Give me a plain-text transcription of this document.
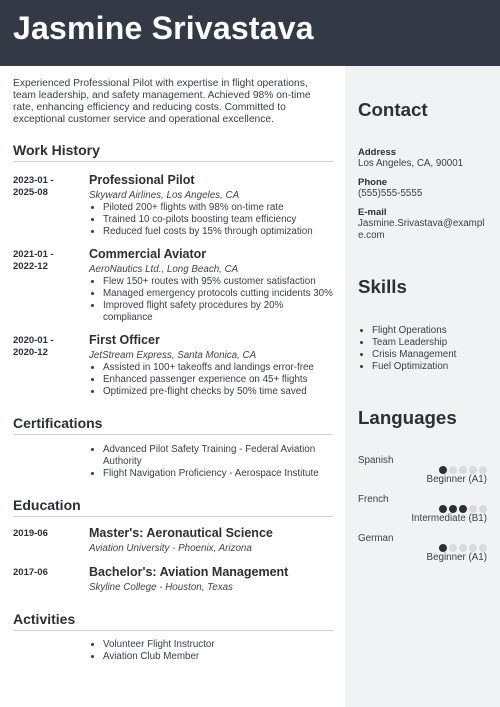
Jasmine Srivastava

Experienced Professional Pilot with expertise in flight operations, team leadership, and safety management. Achieved 98% on-time rate, enhancing efficiency and reducing costs. Committed to exceptional customer service and operational excellence.

Work History
2023-01 -
2025-08
Professional Pilot
Skyward Airlines, Los Angeles, CA
• Piloted 200+ flights with 98% on-time rate
• Trained 10 co-pilots boosting team efficiency
• Reduced fuel costs by 15% through optimization
2021-01 -
2022-12
Commercial Aviator
AeroNautics Ltd., Long Beach, CA
• Flew 150+ routes with 95% customer satisfaction
• Managed emergency protocols cutting incidents 30%
• Improved flight safety procedures by 20% compliance
2020-01 -
2020-12
First Officer
JetStream Express, Santa Monica, CA
• Assisted in 100+ takeoffs and landings error-free
• Enhanced passenger experience on 45+ flights
• Optimized pre-flight checks by 50% time saved
Certifications
• Advanced Pilot Safety Training - Federal Aviation Authority
• Flight Navigation Proficiency - Aerospace Institute
Education
2019-06	Master's: Aeronautical Science
Aviation University - Phoenix, Arizona
2017-06	Bachelor's: Aviation Management
Skyline College - Houston, Texas
Activities
• Volunteer Flight Instructor
• Aviation Club Member
Contact
Address
Los Angeles, CA, 90001
Phone
(555)555-5555
E-mail
Jasmine.Srivastava@example.com
Skills
• Flight Operations
• Team Leadership
• Crisis Management
• Fuel Optimization
Languages
Spanish
Beginner (A1)
French
Intermediate (B1)
German
Beginner (A1)
